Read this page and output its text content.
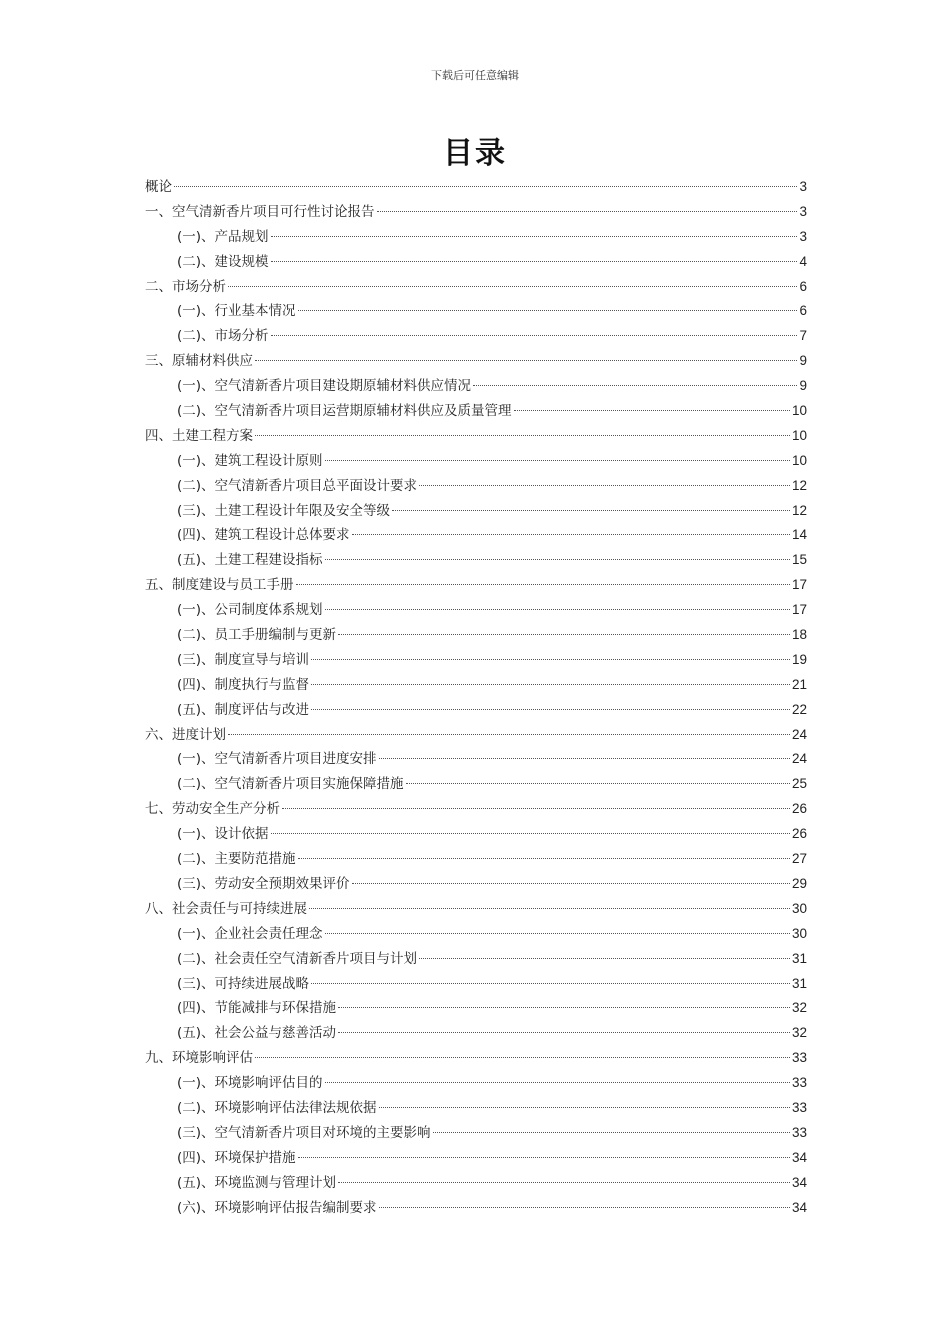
下载后可任意编辑
目录
概论	3
一、空气清新香片项目可行性讨论报告	3
(一)、产品规划	3
(二)、建设规模	4
二、市场分析	6
(一)、行业基本情况	6
(二)、市场分析	7
三、原辅材料供应	9
(一)、空气清新香片项目建设期原辅材料供应情况	9
(二)、空气清新香片项目运营期原辅材料供应及质量管理	10
四、土建工程方案	10
(一)、建筑工程设计原则	10
(二)、空气清新香片项目总平面设计要求	12
(三)、土建工程设计年限及安全等级	12
(四)、建筑工程设计总体要求	14
(五)、土建工程建设指标	15
五、制度建设与员工手册	17
(一)、公司制度体系规划	17
(二)、员工手册编制与更新	18
(三)、制度宣导与培训	19
(四)、制度执行与监督	21
(五)、制度评估与改进	22
六、进度计划	24
(一)、空气清新香片项目进度安排	24
(二)、空气清新香片项目实施保障措施	25
七、劳动安全生产分析	26
(一)、设计依据	26
(二)、主要防范措施	27
(三)、劳动安全预期效果评价	29
八、社会责任与可持续进展	30
(一)、企业社会责任理念	30
(二)、社会责任空气清新香片项目与计划	31
(三)、可持续进展战略	31
(四)、节能减排与环保措施	32
(五)、社会公益与慈善活动	32
九、环境影响评估	33
(一)、环境影响评估目的	33
(二)、环境影响评估法律法规依据	33
(三)、空气清新香片项目对环境的主要影响	33
(四)、环境保护措施	34
(五)、环境监测与管理计划	34
(六)、环境影响评估报告编制要求	34
